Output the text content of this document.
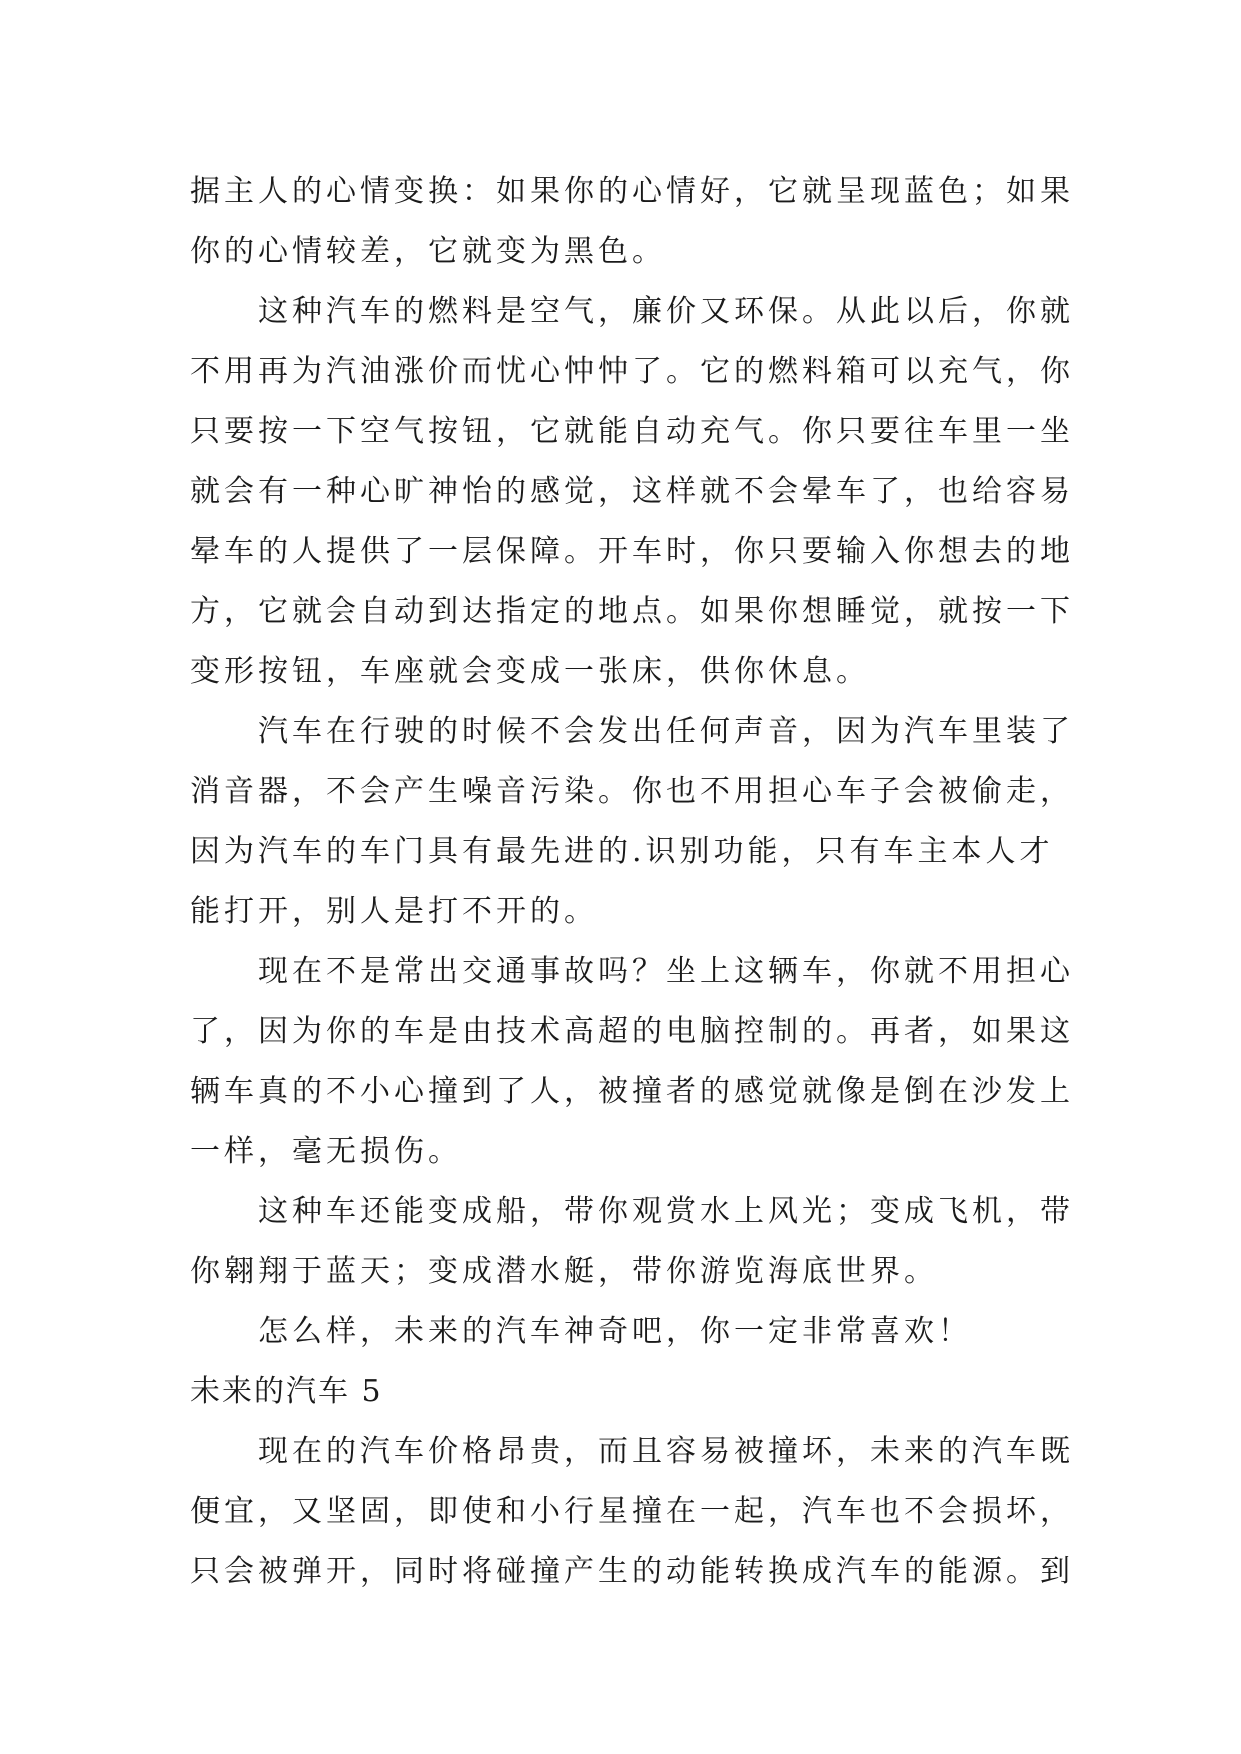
据主人的心情变换：如果你的心情好，它就呈现蓝色；如果
你的心情较差，它就变为黑色。
这种汽车的燃料是空气，廉价又环保。从此以后，你就
不用再为汽油涨价而忧心忡忡了。它的燃料箱可以充气，你
只要按一下空气按钮，它就能自动充气。你只要往车里一坐
就会有一种心旷神怡的感觉，这样就不会晕车了，也给容易
晕车的人提供了一层保障。开车时，你只要输入你想去的地
方，它就会自动到达指定的地点。如果你想睡觉，就按一下
变形按钮，车座就会变成一张床，供你休息。
汽车在行驶的时候不会发出任何声音，因为汽车里装了
消音器，不会产生噪音污染。你也不用担心车子会被偷走，
因为汽车的车门具有最先进的.识别功能，只有车主本人才
能打开，别人是打不开的。
现在不是常出交通事故吗？坐上这辆车，你就不用担心
了，因为你的车是由技术高超的电脑控制的。再者，如果这
辆车真的不小心撞到了人，被撞者的感觉就像是倒在沙发上
一样，毫无损伤。
这种车还能变成船，带你观赏水上风光；变成飞机，带
你翱翔于蓝天；变成潜水艇，带你游览海底世界。
怎么样，未来的汽车神奇吧，你一定非常喜欢！
未来的汽车 5
现在的汽车价格昂贵，而且容易被撞坏，未来的汽车既
便宜，又坚固，即使和小行星撞在一起，汽车也不会损坏，
只会被弹开，同时将碰撞产生的动能转换成汽车的能源。到
